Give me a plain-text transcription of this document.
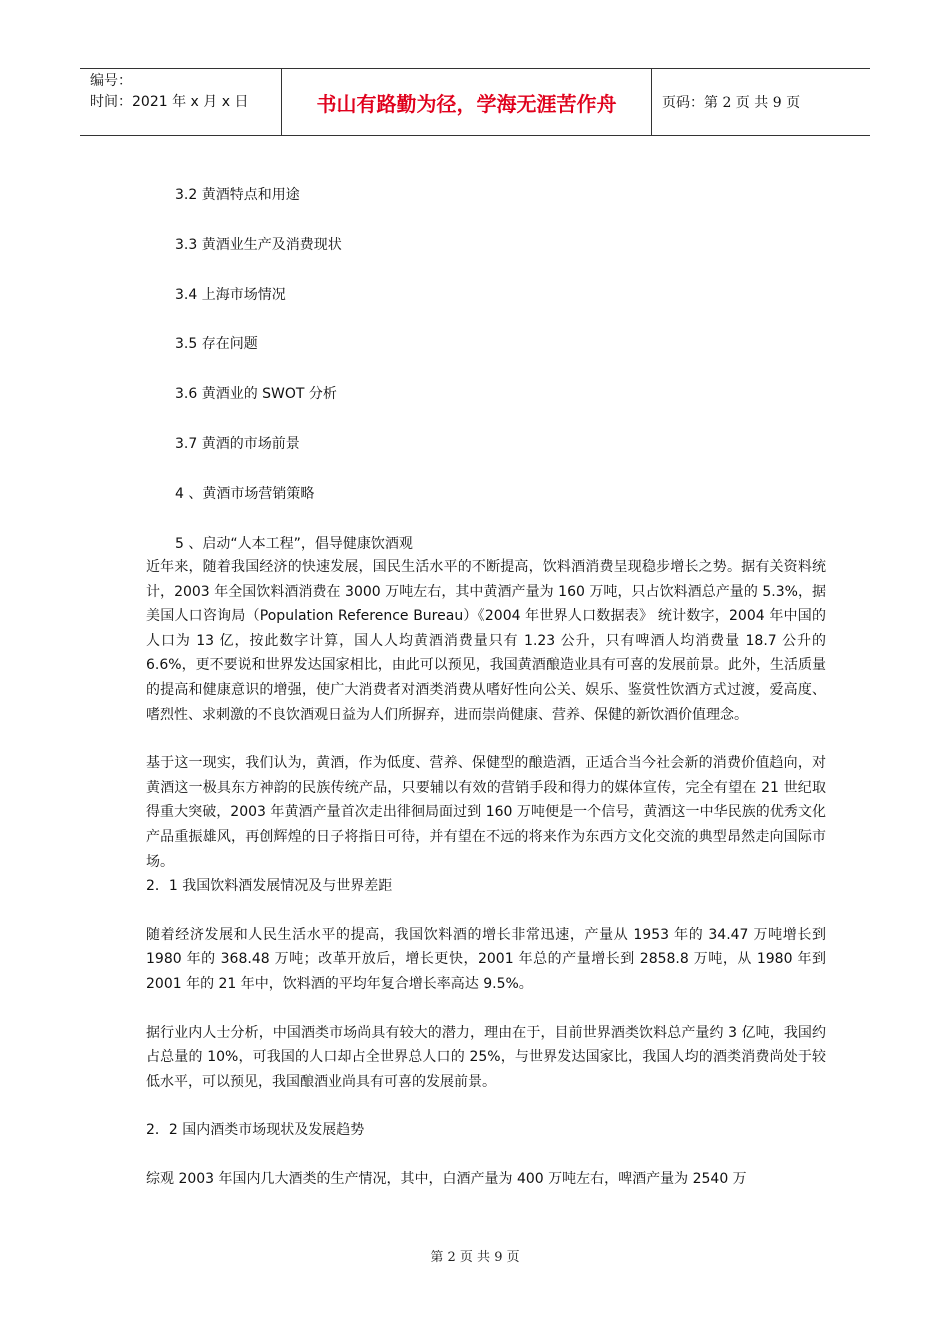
编号：
时间：2021 年 x 月 x 日	书山有路勤为径，学海无涯苦作舟	页码：第 2 页 共 9 页
3.2 黄酒特点和用途
3.3 黄酒业生产及消费现状
3.4 上海市场情况
3.5 存在问题
3.6 黄酒业的 SWOT 分析
3.7 黄酒的市场前景
4 、黄酒市场营销策略
5 、启动“人本工程”，倡导健康饮酒观

近年来，随着我国经济的快速发展，国民生活水平的不断提高，饮料酒消费呈现稳步增长之势。据有关资料统计，2003 年全国饮料酒消费在 3000 万吨左右，其中黄酒产量为 160 万吨，只占饮料酒总产量的 5.3%，据美国人口咨询局（Population Reference Bureau）《2004 年世界人口数据表》 统计数字，2004 年中国的人口为 13 亿，按此数字计算，国人人均黄酒消费量只有 1.23 公升，只有啤酒人均消费量 18.7 公升的 6.6%，更不要说和世界发达国家相比，由此可以预见，我国黄酒酿造业具有可喜的发展前景。此外，生活质量的提高和健康意识的增强，使广大消费者对酒类消费从嗜好性向公关、娱乐、鉴赏性饮酒方式过渡，爱高度、嗜烈性、求刺激的不良饮酒观日益为人们所摒弃，进而崇尚健康、营养、保健的新饮酒价值理念。

基于这一现实，我们认为，黄酒，作为低度、营养、保健型的酿造酒，正适合当今社会新的消费价值趋向，对黄酒这一极具东方神韵的民族传统产品，只要辅以有效的营销手段和得力的媒体宣传，完全有望在 21 世纪取得重大突破，2003 年黄酒产量首次走出徘徊局面过到 160 万吨便是一个信号，黄酒这一中华民族的优秀文化产品重振雄风，再创辉煌的日子将指日可待，并有望在不远的将来作为东西方文化交流的典型昂然走向国际市场。

2．1 我国饮料酒发展情况及与世界差距

随着经济发展和人民生活水平的提高，我国饮料酒的增长非常迅速，产量从 1953 年的 34.47 万吨增长到 1980 年的 368.48 万吨；改革开放后，增长更快，2001 年总的产量增长到 2858.8 万吨，从 1980 年到 2001 年的 21 年中，饮料酒的平均年复合增长率高达 9.5%。

据行业内人士分析，中国酒类市场尚具有较大的潜力，理由在于，目前世界酒类饮料总产量约 3 亿吨，我国约占总量的 10%，可我国的人口却占全世界总人口的 25%，与世界发达国家比，我国人均的酒类消费尚处于较低水平，可以预见，我国酿酒业尚具有可喜的发展前景。

2．2 国内酒类市场现状及发展趋势

综观 2003 年国内几大酒类的生产情况，其中，白酒产量为 400 万吨左右，啤酒产量为 2540 万

第 2 页 共 9 页
